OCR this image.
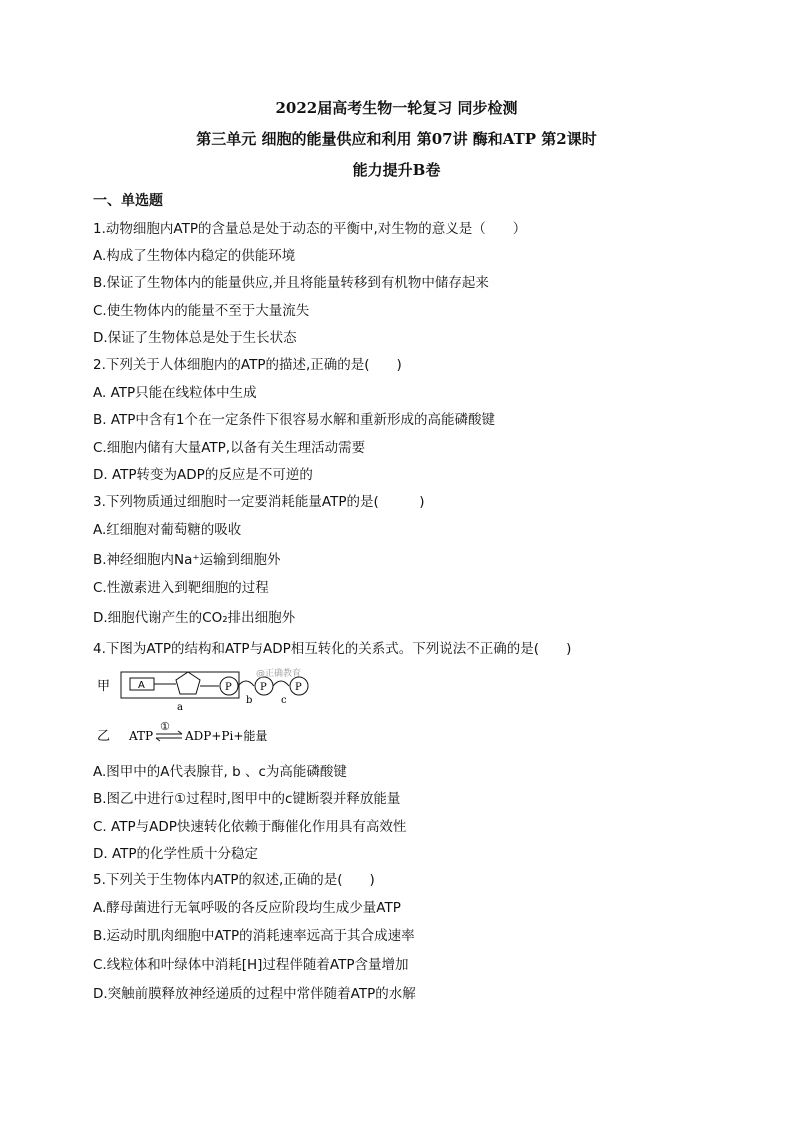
2022届高考生物一轮复习 同步检测
第三单元 细胞的能量供应和利用 第07讲 酶和ATP 第2课时
能力提升B卷
一、单选题
1.动物细胞内ATP的含量总是处于动态的平衡中,对生物的意义是（　　）
A.构成了生物体内稳定的供能环境
B.保证了生物体内的能量供应,并且将能量转移到有机物中储存起来
C.使生物体内的能量不至于大量流失
D.保证了生物体总是处于生长状态
2.下列关于人体细胞内的ATP的描述,正确的是(　　)
A. ATP只能在线粒体中生成
B. ATP中含有1个在一定条件下很容易水解和重新形成的高能磷酸键
C.细胞内储有大量ATP,以备有关生理活动需要
D. ATP转变为ADP的反应是不可逆的
3.下列物质通过细胞时一定要消耗能量ATP的是(　　　)
A.红细胞对葡萄糖的吸收
B.神经细胞内Na⁺运输到细胞外
C.性激素进入到靶细胞的过程
D.细胞代谢产生的CO₂排出细胞外
4.下图为ATP的结构和ATP与ADP相互转化的关系式。下列说法不正确的是(　　)
甲	A	P	P	P
@正确教育
a
b	c
乙 ATP
①
ADP+Pi+能量
A.图甲中的A代表腺苷, b 、c为高能磷酸键
B.图乙中进行①过程时,图甲中的c键断裂并释放能量
C. ATP与ADP快速转化依赖于酶催化作用具有高效性
D. ATP的化学性质十分稳定
5.下列关于生物体内ATP的叙述,正确的是(　　)
A.酵母菌进行无氧呼吸的各反应阶段均生成少量ATP
B.运动时肌肉细胞中ATP的消耗速率远高于其合成速率
C.线粒体和叶绿体中消耗[H]过程伴随着ATP含量增加
D.突触前膜释放神经递质的过程中常伴随着ATP的水解
